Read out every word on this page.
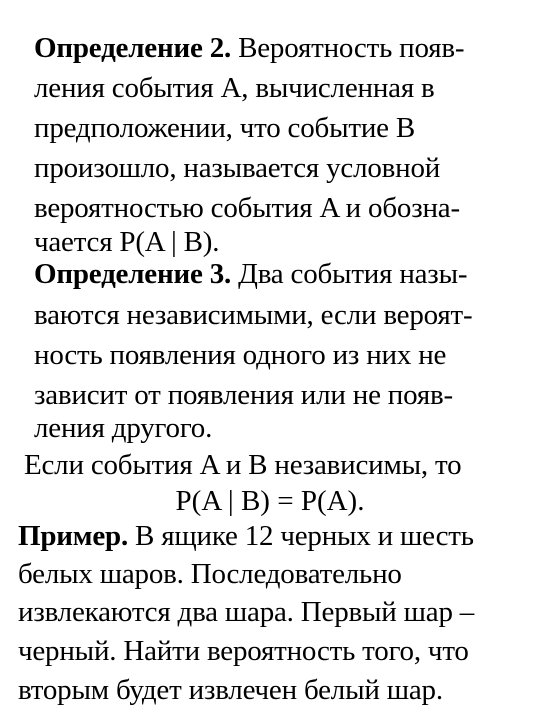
Определение 2. Вероятность появ-
ления события A, вычисленная в
предположении, что событие B
произошло, называется условной
вероятностью события A и обозна-
чается P(A | B).
Определение 3. Два события назы-
ваются независимыми, если вероят-
ность появления одного из них не
зависит от появления или не появ-
ления другого.
Если события A и B независимы, то
P(A | B) = P(A).
Пример. В ящике 12 черных и шесть
белых шаров. Последовательно
извлекаются два шара. Первый шар –
черный. Найти вероятность того, что
вторым будет извлечен белый шар.
